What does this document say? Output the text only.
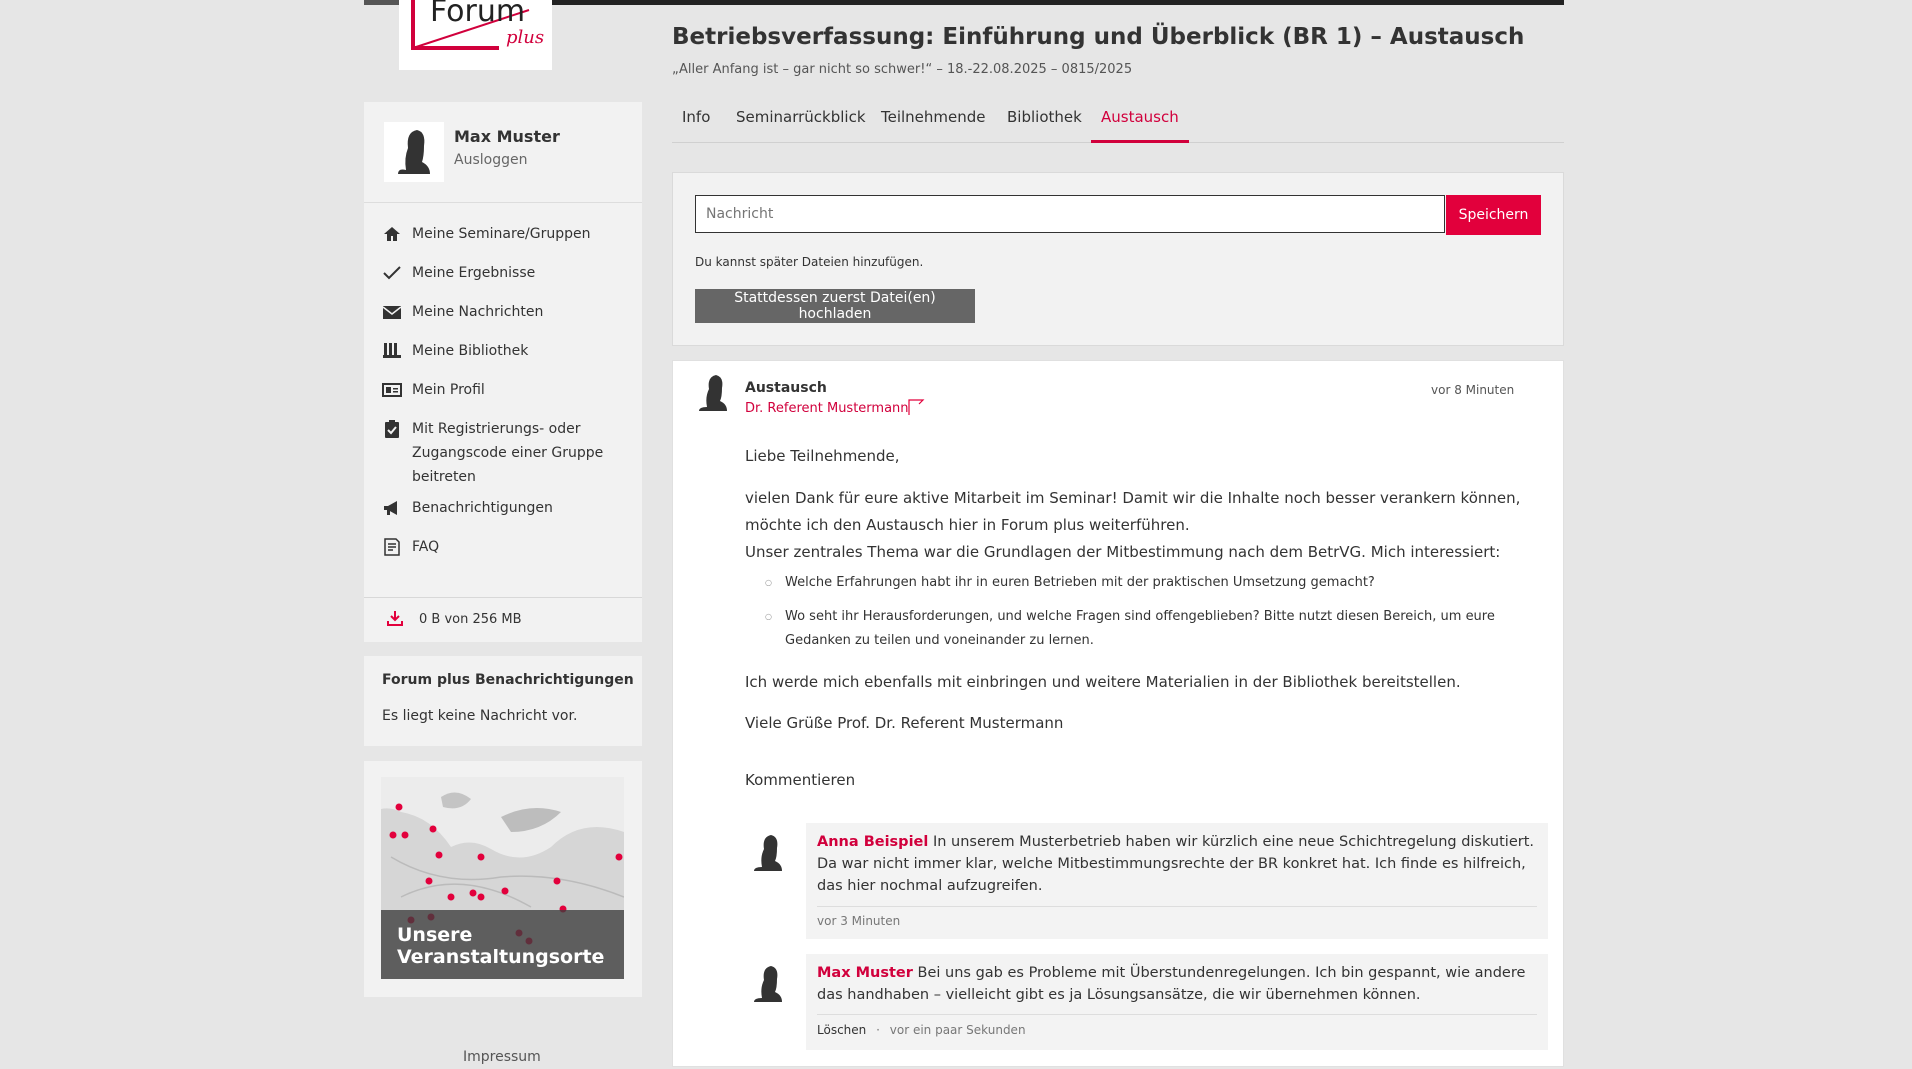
Forum
plus
Max Muster
Ausloggen
Meine Seminare/Gruppen
Meine Ergebnisse
Meine Nachrichten
Meine Bibliothek
Mein Profil
Mit Registrierungs- oder Zugangscode einer Gruppe beitreten
Benachrichtigungen
FAQ
0 B von 256 MB
Forum plus Benachrichtigungen
Es liegt keine Nachricht vor.
Unsere Veranstaltungsorte
Impressum
Betriebsverfassung: Einführung und Überblick (BR 1) – Austausch
„Aller Anfang ist – gar nicht so schwer!“ – 18.-22.08.2025 – 0815/2025
Info	Seminarrückblick	Teilnehmende	Bibliothek	Austausch
Nachricht
Speichern
Du kannst später Dateien hinzufügen.
Stattdessen zuerst Datei(en) hochladen
Austausch
Dr. Referent Mustermann
vor 8 Minuten

Liebe Teilnehmende,

vielen Dank für eure aktive Mitarbeit im Seminar! Damit wir die Inhalte noch besser verankern können, möchte ich den Austausch hier in Forum plus weiterführen.

Unser zentrales Thema war die Grundlagen der Mitbestimmung nach dem BetrVG. Mich interessiert:

○ Welche Erfahrungen habt ihr in euren Betrieben mit der praktischen Umsetzung gemacht?
○ Wo seht ihr Herausforderungen, und welche Fragen sind offengeblieben? Bitte nutzt diesen Bereich, um eure Gedanken zu teilen und voneinander zu lernen.

Ich werde mich ebenfalls mit einbringen und weitere Materialien in der Bibliothek bereitstellen.

Viele Grüße Prof. Dr. Referent Mustermann

Kommentieren

Anna Beispiel In unserem Musterbetrieb haben wir kürzlich eine neue Schichtregelung diskutiert. Da war nicht immer klar, welche Mitbestimmungsrechte der BR konkret hat. Ich finde es hilfreich, das hier nochmal aufzugreifen.
vor 3 Minuten
Max Muster Bei uns gab es Probleme mit Überstundenregelungen. Ich bin gespannt, wie andere das handhaben – vielleicht gibt es ja Lösungsansätze, die wir übernehmen können.
Löschen · vor ein paar Sekunden
